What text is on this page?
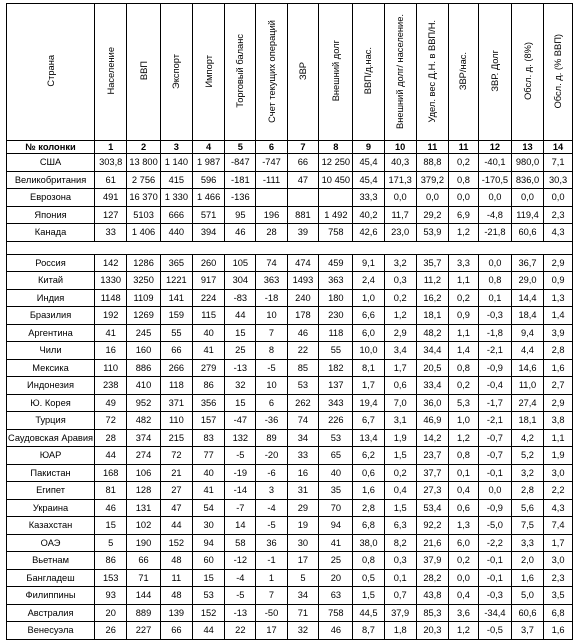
Страна	Население	ВВП	Экспорт	Импорт	Торговый баланс	Счет текущих операций	ЗВР	Внешний долг	ВВП/д.нас.	Внешний долг/ население.	Удел. вес Д.Н. в ВВП/Н.	ЗВР/нас.	ЗВР. Долг	Обсл. д. (8%)	Обсл. д. (% ВВП)
№ колонки	1	2	3	4	5	6	7	8	9	10	11	11	12	13	14
США	303,8	13 800	1 140	1 987	-847	-747	66	12 250	45,4	40,3	88,8	0,2	-40,1	980,0	7,1
Великобритания	61	2 756	415	596	-181	-111	47	10 450	45,4	171,3	379,2	0,8	-170,5	836,0	30,3
Еврозона	491	16 370	1 330	1 466	-136				33,3	0,0	0,0	0,0	0,0	0,0	0,0
Япония	127	5103	666	571	95	196	881	1 492	40,2	11,7	29,2	6,9	-4,8	119,4	2,3
Канада	33	1 406	440	394	46	28	39	758	42,6	23,0	53,9	1,2	-21,8	60,6	4,3

Россия	142	1286	365	260	105	74	474	459	9,1	3,2	35,7	3,3	0,0	36,7	2,9
Китай	1330	3250	1221	917	304	363	1493	363	2,4	0,3	11,2	1,1	0,8	29,0	0,9
Индия	1148	1109	141	224	-83	-18	240	180	1,0	0,2	16,2	0,2	0,1	14,4	1,3
Бразилия	192	1269	159	115	44	10	178	230	6,6	1,2	18,1	0,9	-0,3	18,4	1,4
Аргентина	41	245	55	40	15	7	46	118	6,0	2,9	48,2	1,1	-1,8	9,4	3,9
Чили	16	160	66	41	25	8	22	55	10,0	3,4	34,4	1,4	-2,1	4,4	2,8
Мексика	110	886	266	279	-13	-5	85	182	8,1	1,7	20,5	0,8	-0,9	14,6	1,6
Индонезия	238	410	118	86	32	10	53	137	1,7	0,6	33,4	0,2	-0,4	11,0	2,7
Ю. Корея	49	952	371	356	15	6	262	343	19,4	7,0	36,0	5,3	-1,7	27,4	2,9
Турция	72	482	110	157	-47	-36	74	226	6,7	3,1	46,9	1,0	-2,1	18,1	3,8
Саудовская Аравия	28	374	215	83	132	89	34	53	13,4	1,9	14,2	1,2	-0,7	4,2	1,1
ЮАР	44	274	72	77	-5	-20	33	65	6,2	1,5	23,7	0,8	-0,7	5,2	1,9
Пакистан	168	106	21	40	-19	-6	16	40	0,6	0,2	37,7	0,1	-0,1	3,2	3,0
Египет	81	128	27	41	-14	3	31	35	1,6	0,4	27,3	0,4	0,0	2,8	2,2
Украина	46	131	47	54	-7	-4	29	70	2,8	1,5	53,4	0,6	-0,9	5,6	4,3
Казахстан	15	102	44	30	14	-5	19	94	6,8	6,3	92,2	1,3	-5,0	7,5	7,4
ОАЭ	5	190	152	94	58	36	30	41	38,0	8,2	21,6	6,0	-2,2	3,3	1,7
Вьетнам	86	66	48	60	-12	-1	17	25	0,8	0,3	37,9	0,2	-0,1	2,0	3,0
Бангладеш	153	71	11	15	-4	1	5	20	0,5	0,1	28,2	0,0	-0,1	1,6	2,3
Филиппины	93	144	48	53	-5	7	34	63	1,5	0,7	43,8	0,4	-0,3	5,0	3,5
Австралия	20	889	139	152	-13	-50	71	758	44,5	37,9	85,3	3,6	-34,4	60,6	6,8
Венесуэла	26	227	66	44	22	17	32	46	8,7	1,8	20,3	1,2	-0,5	3,7	1,6
